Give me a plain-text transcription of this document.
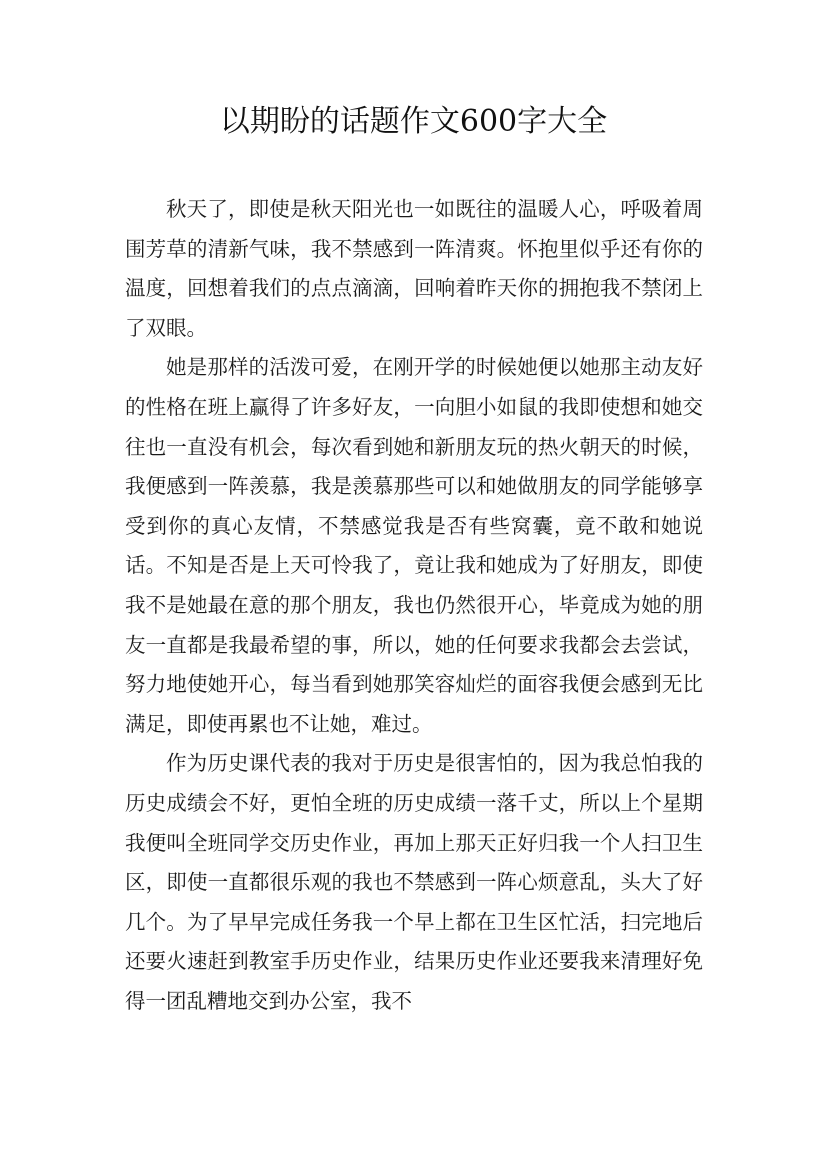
以期盼的话题作文600字大全

秋天了，即使是秋天阳光也一如既往的温暖人心，呼吸着周围芳草的清新气味，我不禁感到一阵清爽。怀抱里似乎还有你的温度，回想着我们的点点滴滴，回响着昨天你的拥抱我不禁闭上了双眼。

她是那样的活泼可爱，在刚开学的时候她便以她那主动友好的性格在班上赢得了许多好友，一向胆小如鼠的我即使想和她交往也一直没有机会，每次看到她和新朋友玩的热火朝天的时候，我便感到一阵羡慕，我是羡慕那些可以和她做朋友的同学能够享受到你的真心友情，不禁感觉我是否有些窝囊，竟不敢和她说话。不知是否是上天可怜我了，竟让我和她成为了好朋友，即使我不是她最在意的那个朋友，我也仍然很开心，毕竟成为她的朋友一直都是我最希望的事，所以，她的任何要求我都会去尝试，努力地使她开心，每当看到她那笑容灿烂的面容我便会感到无比满足，即使再累也不让她，难过。

作为历史课代表的我对于历史是很害怕的，因为我总怕我的历史成绩会不好，更怕全班的历史成绩一落千丈，所以上个星期我便叫全班同学交历史作业，再加上那天正好归我一个人扫卫生区，即使一直都很乐观的我也不禁感到一阵心烦意乱，头大了好几个。为了早早完成任务我一个早上都在卫生区忙活，扫完地后还要火速赶到教室手历史作业，结果历史作业还要我来清理好免得一团乱糟地交到办公室，我不
